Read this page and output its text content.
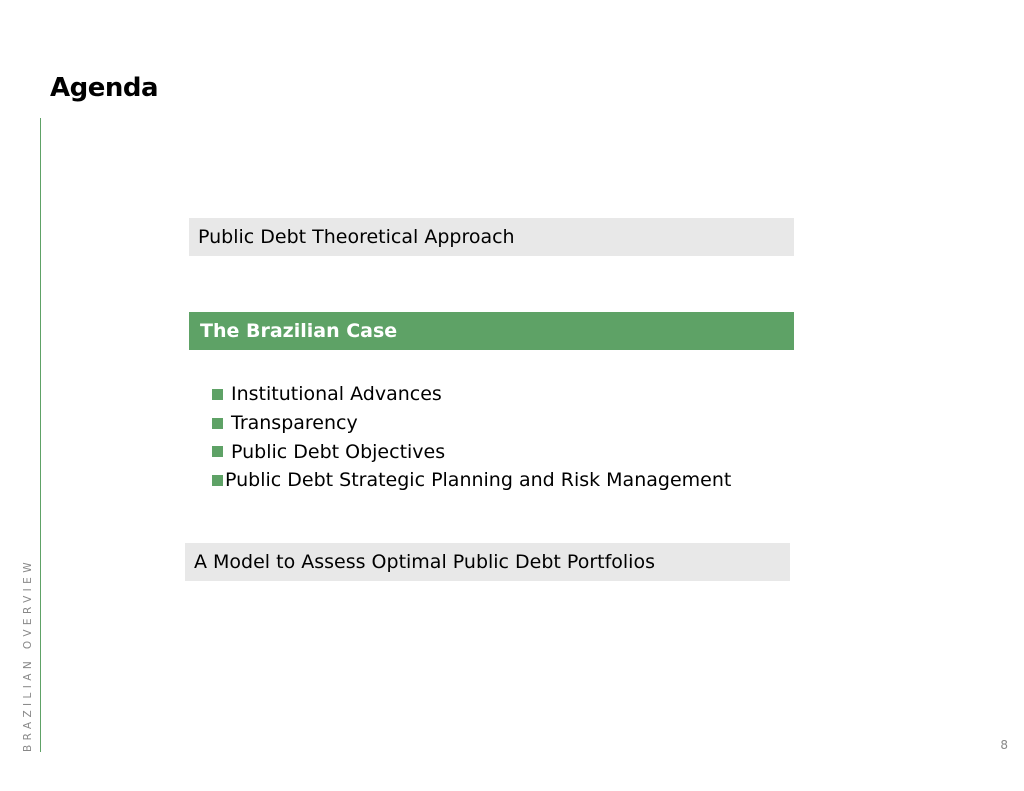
Agenda
BRAZILIAN OVERVIEW
Public Debt Theoretical Approach
The Brazilian Case
Institutional Advances
Transparency
Public Debt Objectives
Public Debt Strategic Planning and Risk Management
A Model to Assess Optimal Public Debt Portfolios
8
